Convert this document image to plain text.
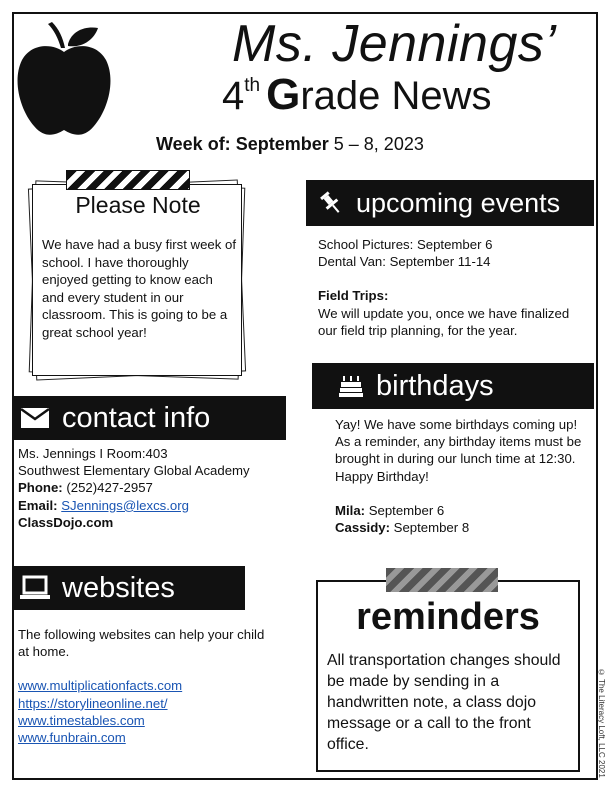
Ms. Jennings’
4th Grade News
Week of: September 5 – 8, 2023
Please Note
We have had a busy first week of school. I have thoroughly enjoyed getting to know each and every student in our classroom. This is going to be a great school year!
upcoming events
School Pictures: September 6
Dental Van: September 11-14
Field Trips:
We will update you, once we have finalized our field trip planning, for the year.
birthdays
Yay! We have some birthdays coming up! As a reminder, any birthday items must be brought in during our lunch time at 12:30. Happy Birthday!
Mila: September 6
Cassidy: September 8
contact info
Ms. Jennings I Room:403
Southwest Elementary Global Academy
Phone: (252)427-2957
Email: SJennings@lexcs.org
ClassDojo.com
websites
The following websites can help your child at home.
www.multiplicationfacts.com
https://storylineonline.net/
www.timestables.com
www.funbrain.com
reminders
All transportation changes should be made by sending in a handwritten note, a class dojo message or a call to the front office.	© The Literacy Loft, LLC 2021
